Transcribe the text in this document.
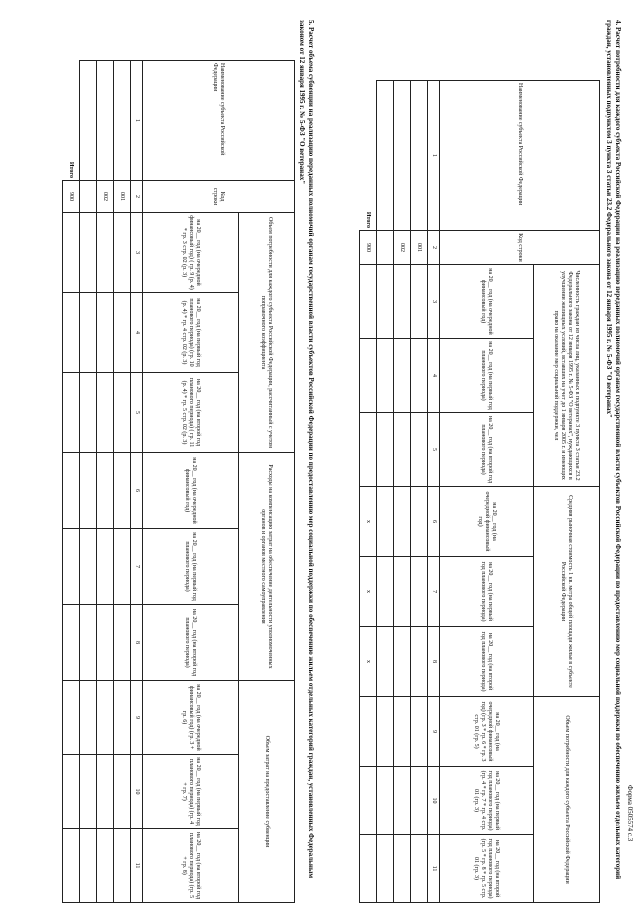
Форма 0505574 с.3
4. Расчет потребности для каждого субъекта Российской Федерации на реализацию переданных полномочий органам государственной власти субъектов Российской Федерации по предоставлению мер социальной поддержки по обеспечению жильем отдельных категорий граждан, установленных подпунктом 3 пункта 3 статьи 23.2 Федерального закона от 12 января 1995 г. № 5-ФЗ "О ветеранах"
Наименование субъекта Российской Федерации	Код строки	Численность граждан из числа лиц, указанных в подпункте 3 пункта 3 статьи 23.2 Федерального закона от 12 января 1995 г. № 5-ФЗ "О ветеранах", нуждающихся в улучшении жилищных условий, вставших на учет до 1 января 2005 г. и имеющих право на оказание мер социальной поддержки, чел			Средняя рыночная стоимость 1 кв. метра общей площади жилья в субъекте Российской Федерации			Объем потребности для каждого субъекта Российской Федерации		
		на 20__ год (на очередной финансовый год)	на 20__ год (на первый год планового периода)	на 20__ год (на второй год планового периода)	на 20__ год (на очередной финансовый год)	на 20__ год (на первый год планового периода)	на 20__ год (на второй год планового периода)	на 20__ год (на очередной финансовый год) (гр. 3 * гр. 6 * гр. 3 стр. 01 (гр. 5)	на 20__ год (на первый год планового периода) (гр. 4 * гр. 7 * гр. 4 стр. 01 (гр. 3)	на 20__ год (на второй год планового периода) (гр. 5 * гр. 8 * гр. 5 стр. 01 (гр. 3)
1	2	3	4	5	6	7	8	9	10	11
	001									
	002									

Итого	900				x	x	x			
5. Расчет объема субвенции на реализацию переданных полномочий органам государственной власти субъектов Российской Федерации по предоставлению мер социальной поддержки по обеспечению жильем отдельных категорий граждан, установленных Федеральным законом от 12 января 1995 г. № 5-ФЗ "О ветеранах"
Наименование субъекта Российской Федерации	Код строки	Объем потребности для каждого субъекта Российской Федерации, рассчитанный с учетом поправочного коэффициента			Расходы на компенсацию затрат на обеспечение деятельности уполномоченных органов и органов местного самоуправления			Объем затрат на предоставление субвенции		
		на 20__ год (на очередной финансовый год) ( гр. 9 (р. 4) * гр. 3 стр. 02 (р. 3)	на 20__ год (на первый год планового периода) (гр. 10 (р. 4) * гр. 4 стр. 02 (р. 3)	на 20__ год (на второй год планового периода) ( гр. 11 (р. 4) * гр. 5 стр. 02 (р. 3)	на 20__ год (на очередной финансовый год)	на 20__ год (на первый год планового периода)	на 20__ год (на второй год планового периода)	на 20__ год (на очередной финансовый год) (гр. 3 + гр. 6)	на 20__ год (на первый год планового периода) (гр. 4 + гр. 7)	на 20__ год (на второй год планового периода) (гр. 5 + гр. 8)
1	2	3	4	5	6	7	8	9	10	11
	001									
	002									

Итого	900									
